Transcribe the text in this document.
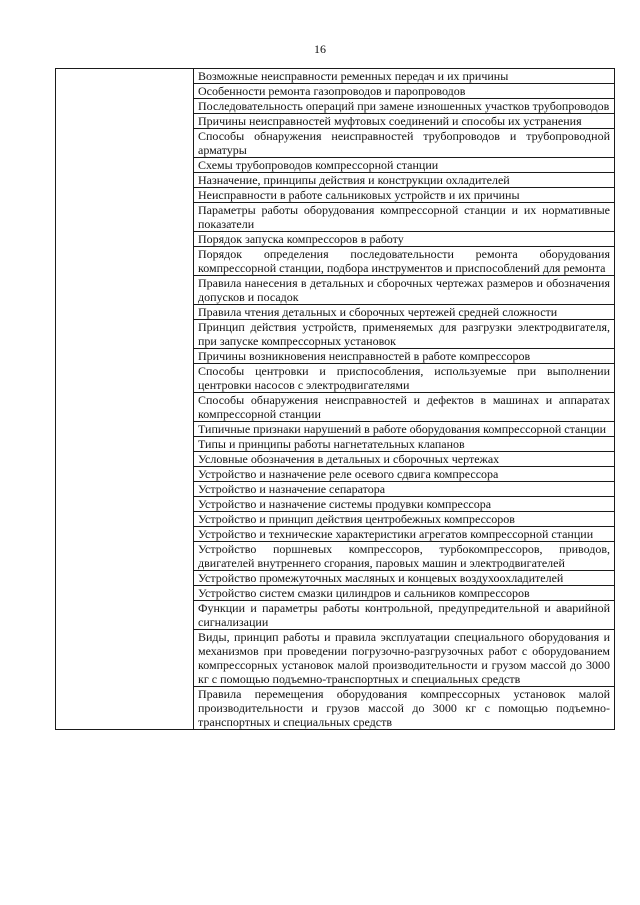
16

Возможные неисправности ременных передач и их причины

Особенности ремонта газопроводов и паропроводов

Последовательность операций при замене изношенных участков трубопроводов

Причины неисправностей муфтовых соединений и способы их устранения

Способы обнаружения неисправностей трубопроводов и трубопроводной арматуры

Схемы трубопроводов компрессорной станции

Назначение, принципы действия и конструкции охладителей

Неисправности в работе сальниковых устройств и их причины

Параметры работы оборудования компрессорной станции и их нормативные показатели

Порядок запуска компрессоров в работу

Порядок определения последовательности ремонта оборудования компрессорной станции, подбора инструментов и приспособлений для ремонта

Правила нанесения в детальных и сборочных чертежах размеров и обозначения допусков и посадок

Правила чтения детальных и сборочных чертежей средней сложности

Принцип действия устройств, применяемых для разгрузки электродвигателя, при запуске компрессорных установок

Причины возникновения неисправностей в работе компрессоров

Способы центровки и приспособления, используемые при выполнении центровки насосов с электродвигателями

Способы обнаружения неисправностей и дефектов в машинах и аппаратах компрессорной станции

Типичные признаки нарушений в работе оборудования компрессорной станции

Типы и принципы работы нагнетательных клапанов

Условные обозначения в детальных и сборочных чертежах

Устройство и назначение реле осевого сдвига компрессора

Устройство и назначение сепаратора

Устройство и назначение системы продувки компрессора

Устройство и принцип действия центробежных компрессоров

Устройство и технические характеристики агрегатов компрессорной станции

Устройство поршневых компрессоров, турбокомпрессоров, приводов, двигателей внутреннего сгорания, паровых машин и электродвигателей

Устройство промежуточных масляных и концевых воздухоохладителей

Устройство систем смазки цилиндров и сальников компрессоров

Функции и параметры работы контрольной, предупредительной и аварийной сигнализации

Виды, принцип работы и правила эксплуатации специального оборудования и механизмов при проведении погрузочно-разгрузочных работ с оборудованием компрессорных установок малой производительности и грузом массой до 3000 кг с помощью подъемно-транспортных и специальных средств

Правила перемещения оборудования компрессорных установок малой производительности и грузов массой до 3000 кг с помощью подъемно-транспортных и специальных средств
